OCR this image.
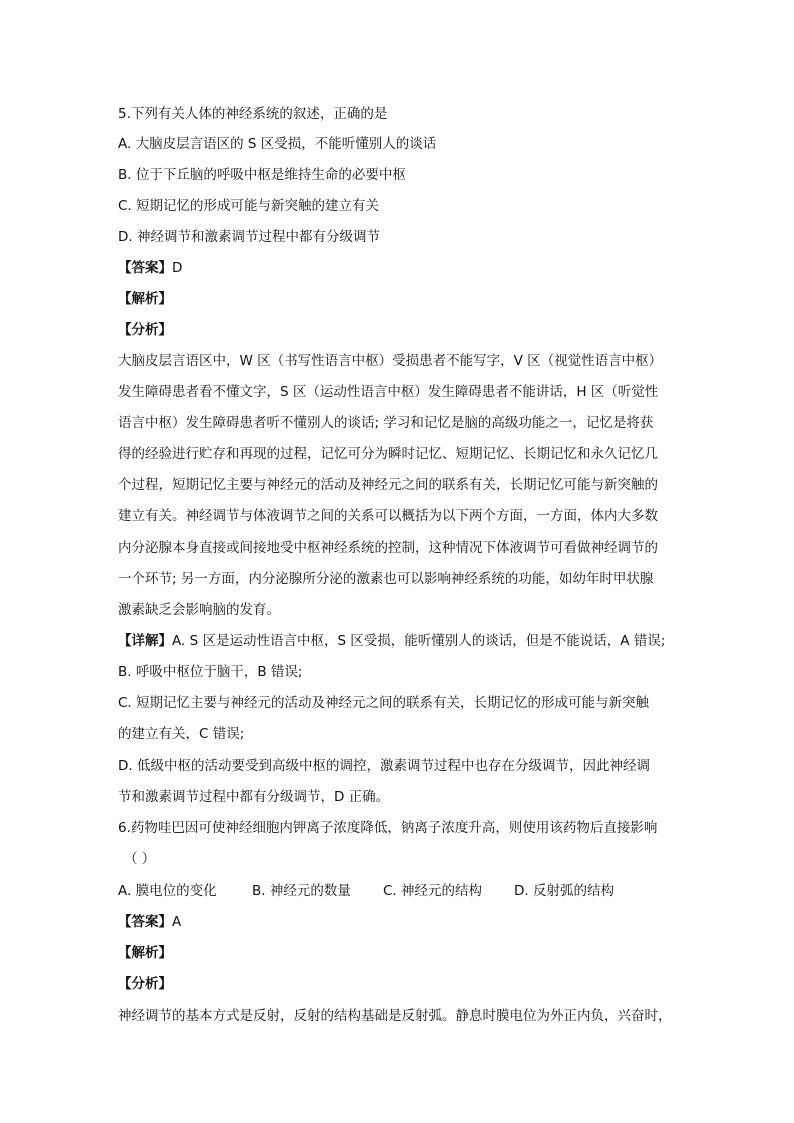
5.下列有关人体的神经系统的叙述，正确的是
A. 大脑皮层言语区的 S 区受损，不能听懂别人的谈话
B. 位于下丘脑的呼吸中枢是维持生命的必要中枢
C. 短期记忆的形成可能与新突触的建立有关
D. 神经调节和激素调节过程中都有分级调节
【答案】D
【解析】
【分析】
大脑皮层言语区中，W 区（书写性语言中枢）受损患者不能写字，V 区（视觉性语言中枢）
发生障碍患者看不懂文字，S 区（运动性语言中枢）发生障碍患者不能讲话，H 区（听觉性
语言中枢）发生障碍患者听不懂别人的谈话; 学习和记忆是脑的高级功能之一，记忆是将获
得的经验进行贮存和再现的过程，记忆可分为瞬时记忆、短期记忆、长期记忆和永久记忆几
个过程，短期记忆主要与神经元的活动及神经元之间的联系有关，长期记忆可能与新突触的
建立有关。神经调节与体液调节之间的关系可以概括为以下两个方面，一方面，体内大多数
内分泌腺本身直接或间接地受中枢神经系统的控制，这种情况下体液调节可看做神经调节的
一个环节; 另一方面，内分泌腺所分泌的激素也可以影响神经系统的功能，如幼年时甲状腺
激素缺乏会影响脑的发育。
【详解】A. S 区是运动性语言中枢，S 区受损，能听懂别人的谈话，但是不能说话，A 错误;
B. 呼吸中枢位于脑干，B 错误;
C. 短期记忆主要与神经元的活动及神经元之间的联系有关，长期记忆的形成可能与新突触
的建立有关，C 错误;
D. 低级中枢的活动要受到高级中枢的调控，激素调节过程中也存在分级调节，因此神经调
节和激素调节过程中都有分级调节，D 正确。
6.药物哇巴因可使神经细胞内钾离子浓度降低，钠离子浓度升高，则使用该药物后直接影响
（ ）
A. 膜电位的变化	B. 神经元的数量 C. 神经元的结构 D. 反射弧的结构
【答案】A
【解析】
【分析】
神经调节的基本方式是反射，反射的结构基础是反射弧。静息时膜电位为外正内负，兴奋时，
